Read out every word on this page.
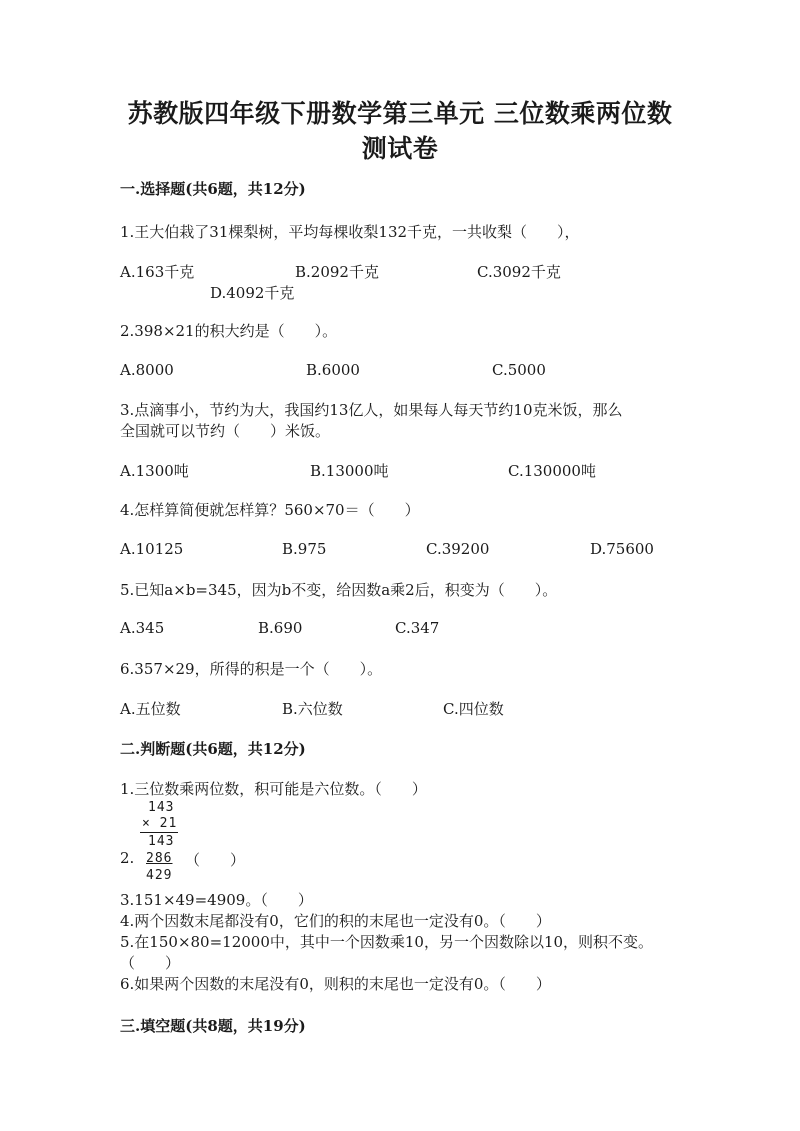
苏教版四年级下册数学第三单元 三位数乘两位数
测试卷
一.选择题(共6题，共12分)
1.王大伯栽了31棵梨树，平均每棵收梨132千克，一共收梨（　　），
A.163千克	B.2092千克	C.3092千克
D.4092千克
2.398×21的积大约是（　　）。
A.8000	B.6000	C.5000
3.点滴事小，节约为大，我国约13亿人，如果每人每天节约10克米饭，那么
全国就可以节约（　　）米饭。
A.1300吨	B.13000吨	C.130000吨
4.怎样算简便就怎样算？560×70＝（　　）
A.10125	B.975	C.39200	D.75600
5.已知a×b=345，因为b不变，给因数a乘2后，积变为（　　）。
A.345	B.690	C.347
6.357×29，所得的积是一个（　　）。
A.五位数	B.六位数	C.四位数
二.判断题(共6题，共12分)
1.三位数乘两位数，积可能是六位数。（　　）
143
× 21
143
2. 286 （　　）
429
3.151×49=4909。（　　）
4.两个因数末尾都没有0，它们的积的末尾也一定没有0。（　　）
5.在150×80=12000中，其中一个因数乘10，另一个因数除以10，则积不变。
（　　）
6.如果两个因数的末尾没有0，则积的末尾也一定没有0。（　　）
三.填空题(共8题，共19分)
